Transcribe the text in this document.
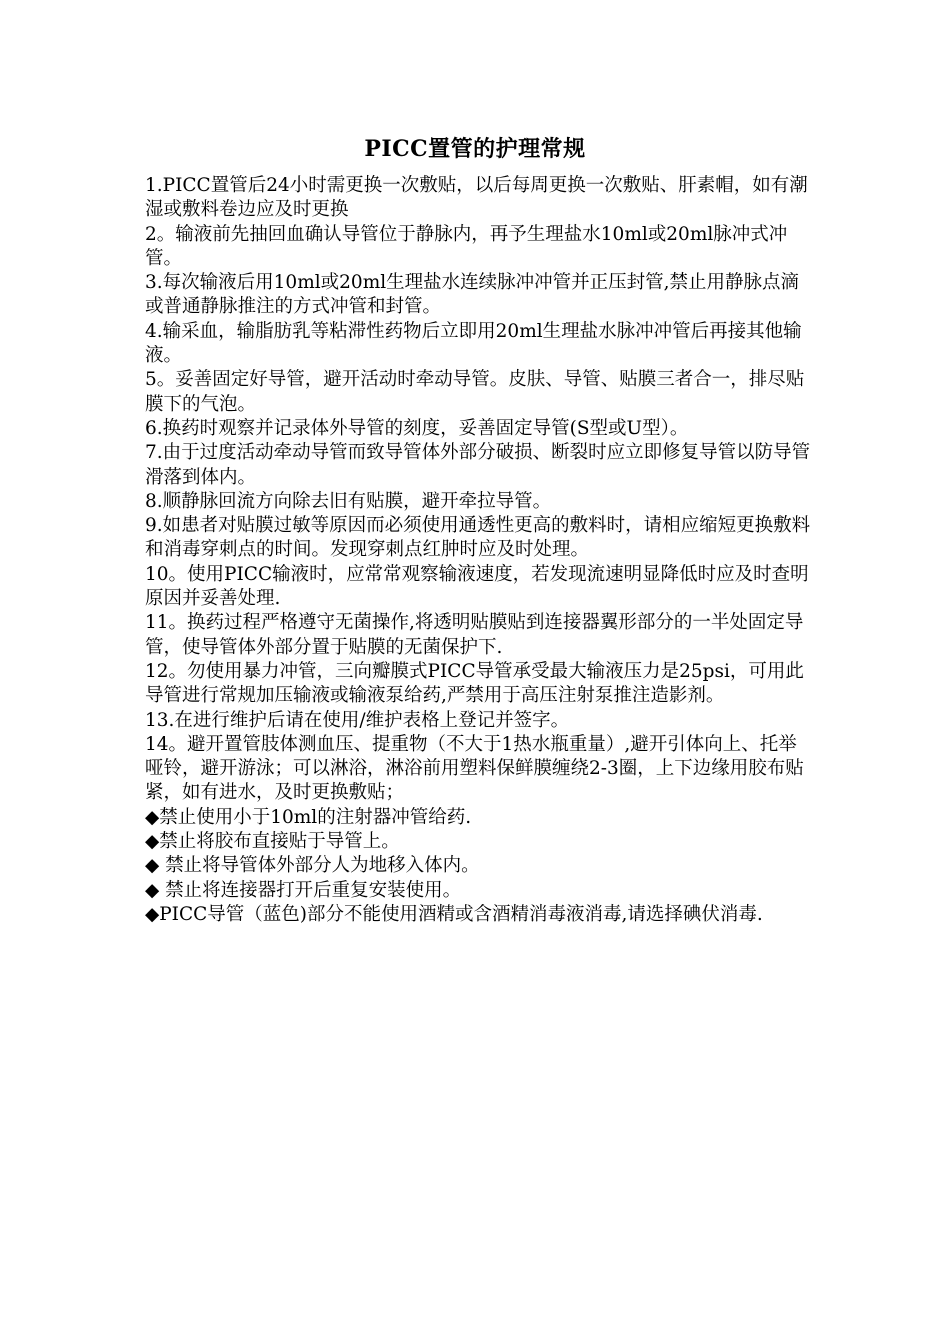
PICC置管的护理常规

1.PICC置管后24小时需更换一次敷贴，以后每周更换一次敷贴、肝素帽，如有潮湿或敷料卷边应及时更换

2。输液前先抽回血确认导管位于静脉内，再予生理盐水10ml或20ml脉冲式冲管。

3.每次输液后用10ml或20ml生理盐水连续脉冲冲管并正压封管,禁止用静脉点滴或普通静脉推注的方式冲管和封管。

4.输采血，输脂肪乳等粘滞性药物后立即用20ml生理盐水脉冲冲管后再接其他输液。

5。妥善固定好导管，避开活动时牵动导管。皮肤、导管、贴膜三者合一，排尽贴膜下的气泡。

6.换药时观察并记录体外导管的刻度，妥善固定导管(S型或U型）。

7.由于过度活动牵动导管而致导管体外部分破损、断裂时应立即修复导管以防导管滑落到体内。

8.顺静脉回流方向除去旧有贴膜，避开牵拉导管。

9.如患者对贴膜过敏等原因而必须使用通透性更高的敷料时，请相应缩短更换敷料和消毒穿刺点的时间。发现穿刺点红肿时应及时处理。

10。使用PICC输液时，应常常观察输液速度，若发现流速明显降低时应及时查明原因并妥善处理.

11。换药过程严格遵守无菌操作,将透明贴膜贴到连接器翼形部分的一半处固定导管，使导管体外部分置于贴膜的无菌保护下.

12。勿使用暴力冲管，三向瓣膜式PICC导管承受最大输液压力是25psi，可用此导管进行常规加压输液或输液泵给药,严禁用于高压注射泵推注造影剂。

13.在进行维护后请在使用/维护表格上登记并签字。

14。避开置管肢体测血压、提重物（不大于1热水瓶重量）,避开引体向上、托举哑铃，避开游泳；可以淋浴，淋浴前用塑料保鲜膜缠绕2-3圈，上下边缘用胶布贴紧，如有进水，及时更换敷贴；

◆禁止使用小于10ml的注射器冲管给药.

◆禁止将胶布直接贴于导管上。

◆ 禁止将导管体外部分人为地移入体内。

◆ 禁止将连接器打开后重复安装使用。

◆PICC导管（蓝色)部分不能使用酒精或含酒精消毒液消毒,请选择碘伏消毒.
